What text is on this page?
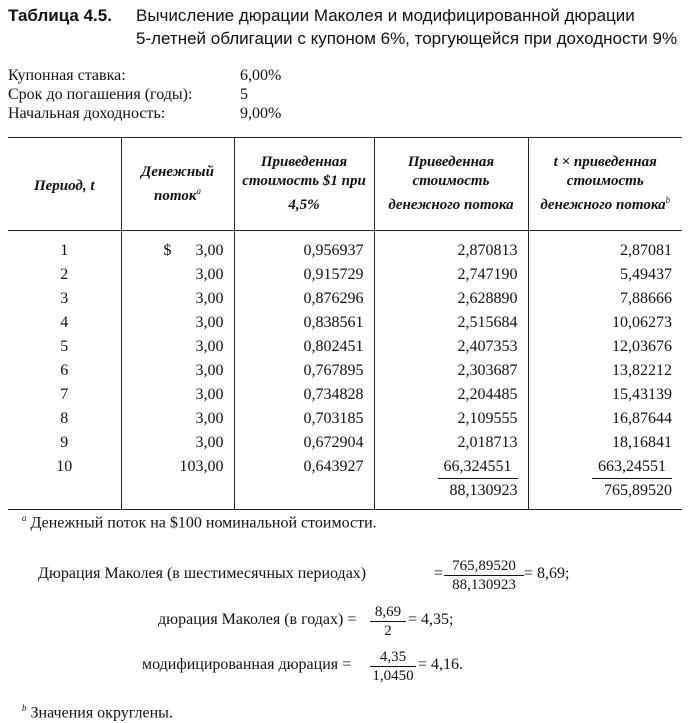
Таблица 4.5. Вычисление дюрации Маколея и модифицированной дюрации
5-летней облигации с купоном 6%, торгующейся при доходности 9%
Купонная ставка:	6,00%
Срок до погашения (годы):	5
Начальная доходность:	9,00%
Период, t	Денежный поток$^a$	Приведенная стоимость $1 при 4,5%	Приведенная стоимость денежного потока	t × приведенная стоимость денежного потока$^b$
1	$ 3,00	0,956937	2,870813	2,87081
2	3,00	0,915729	2,747190	5,49437
3	3,00	0,876296	2,628890	7,88666
4	3,00	0,838561	2,515684	10,06273
5	3,00	0,802451	2,407353	12,03676
6	3,00	0,767895	2,303687	13,82212
7	3,00	0,734828	2,204485	15,43139
8	3,00	0,703185	2,109555	16,87644
9	3,00	0,672904	2,018713	18,16841
10	103,00	0,643927	66,324551	663,24551
			88,130923	765,89520
$^a$ Денежный поток на $100 номинальной стоимости.
Дюрация Маколея (в шестимесячных периодах)	= $\frac{765,89520}{88,130923} = 8,69$;
дюрация Маколея (в годах) = $\frac{8,69}{2} = 4,35$;
модифицированная дюрация = $\frac{4,35}{1,0450} = 4,16$.
$^b$ Значения округлены.
